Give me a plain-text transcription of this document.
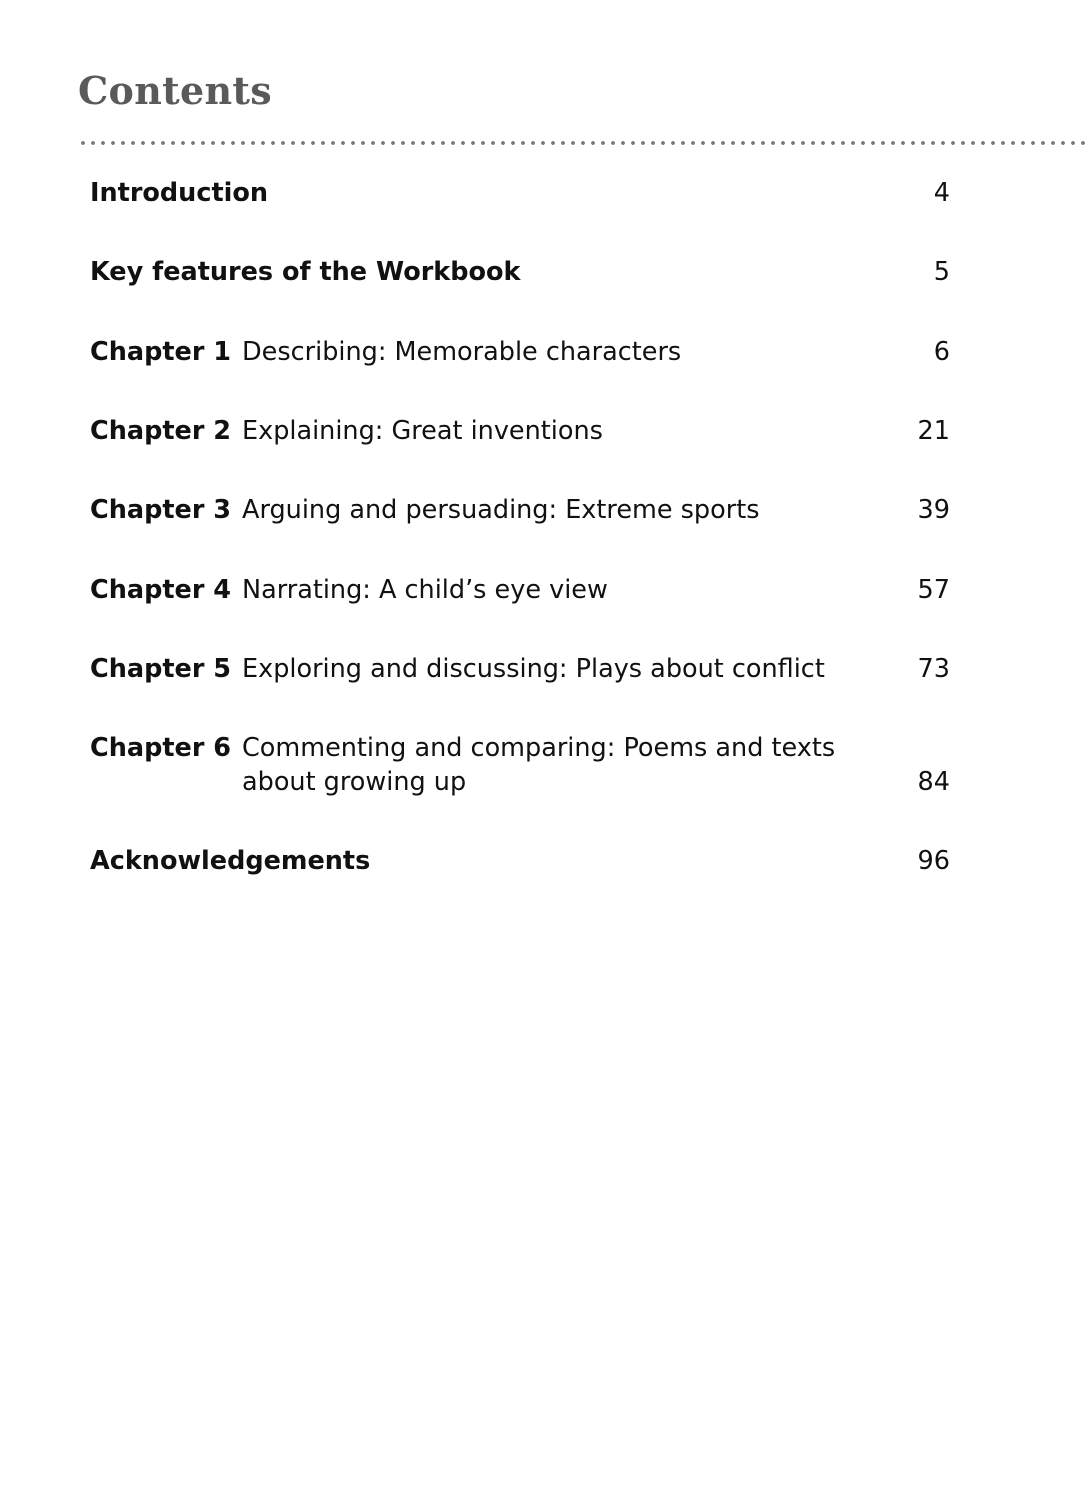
Contents
Introduction	4
Key features of the Workbook	5
Chapter 1 Describing: Memorable characters	6
Chapter 2 Explaining: Great inventions	21
Chapter 3 Arguing and persuading: Extreme sports	39
Chapter 4 Narrating: A child’s eye view	57
Chapter 5 Exploring and discussing: Plays about conflict	73
Chapter 6 Commenting and comparing: Poems and texts about growing up	84
Acknowledgements	96
